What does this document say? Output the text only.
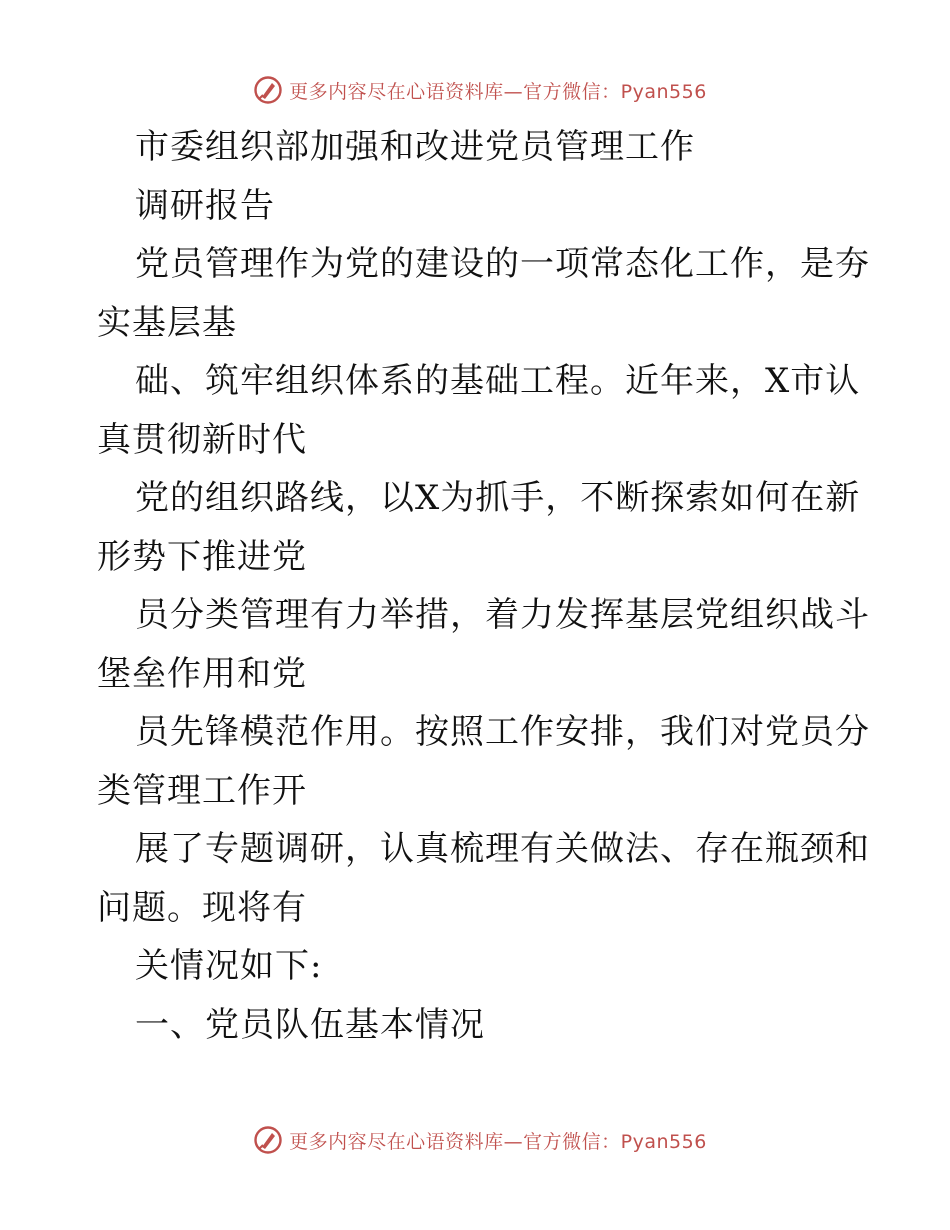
更多内容尽在心语资料库—官方微信：Pyan556
市委组织部加强和改进党员管理工作
调研报告
党员管理作为党的建设的一项常态化工作，是夯
实基层基
础、筑牢组织体系的基础工程。近年来，X市认
真贯彻新时代
党的组织路线，以X为抓手，不断探索如何在新
形势下推进党
员分类管理有力举措，着力发挥基层党组织战斗
堡垒作用和党
员先锋模范作用。按照工作安排，我们对党员分
类管理工作开
展了专题调研，认真梳理有关做法、存在瓶颈和
问题。现将有
关情况如下:
一、党员队伍基本情况
更多内容尽在心语资料库—官方微信：Pyan556
